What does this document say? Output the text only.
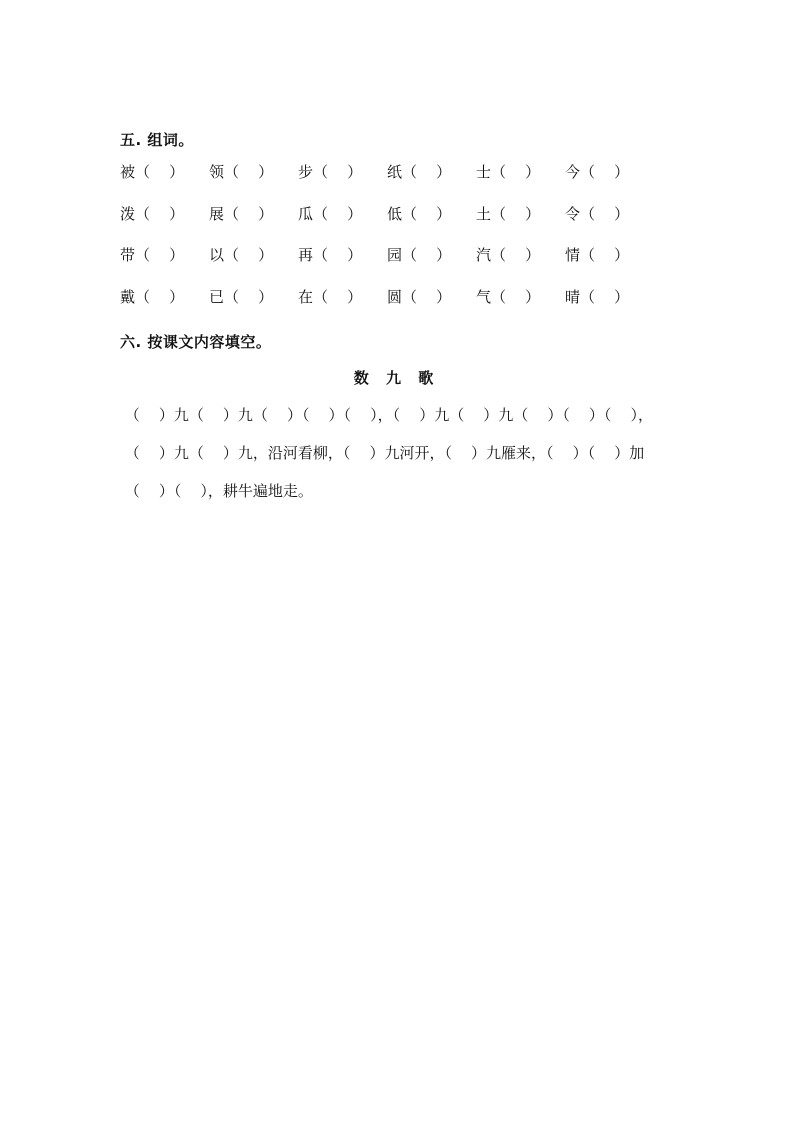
五. 组词。
被（    ） 领（    ） 步（    ） 纸（    ） 士（    ） 今（    ）
泼（    ） 展（    ） 瓜（    ） 低（    ） 土（    ） 令（    ）
带（    ） 以（    ） 再（    ） 园（    ） 汽（    ） 情（    ）
戴（    ） 已（    ） 在（    ） 圆（    ） 气（    ） 晴（    ）
六. 按课文内容填空。
数 九 歌
（    ）九（    ）九（    ）（    ）（    ），（    ）九（    ）九（    ）（    ）（    ），
（    ）九（    ）九，沿河看柳，（    ）九河开，（    ）九雁来，（    ）（    ）加
（    ）（    ），耕牛遍地走。
